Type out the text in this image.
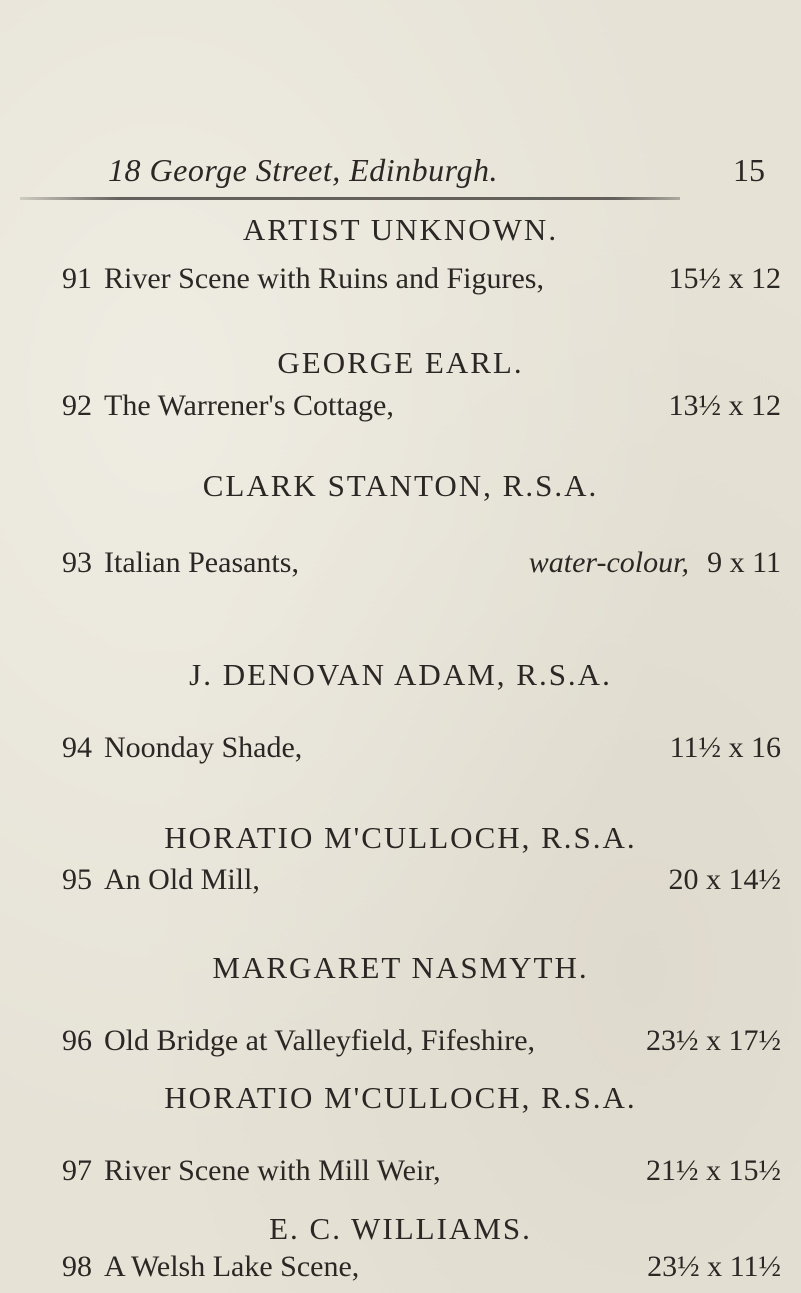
18 George Street, Edinburgh.	15
ARTIST UNKNOWN.
91 River Scene with Ruins and Figures,	15½ x 12
GEORGE EARL.
92 The Warrener's Cottage,	13½ x 12
CLARK STANTON, R.S.A.
93 Italian Peasants,	water-colour, 9 x 11
J. DENOVAN ADAM, R.S.A.
94 Noonday Shade,	11½ x 16
HORATIO M'CULLOCH, R.S.A.
95 An Old Mill,	20 x 14½
MARGARET NASMYTH.
96 Old Bridge at Valleyfield, Fifeshire,	23½ x 17½
HORATIO M'CULLOCH, R.S.A.
97 River Scene with Mill Weir,	21½ x 15½
E. C. WILLIAMS.
98 A Welsh Lake Scene,	23½ x 11½
